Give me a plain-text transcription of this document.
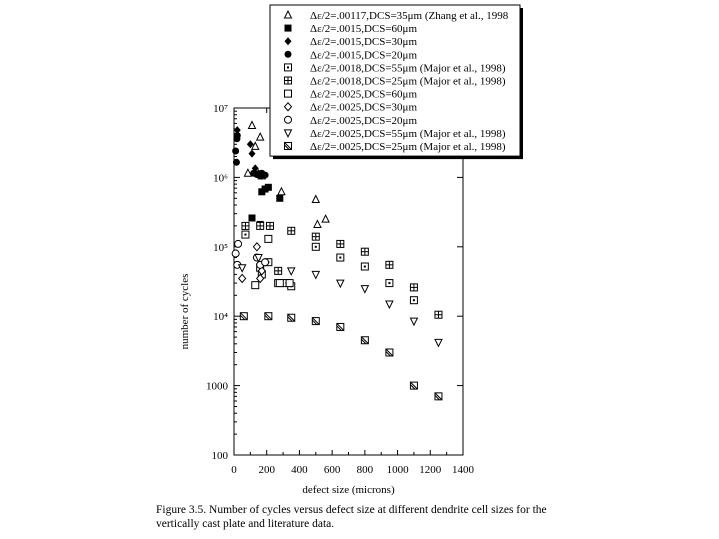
0 200 400 600 800 1000 1200 1400
100
1000
10⁴
10⁵
10⁶
10⁷
defect size (microns)
number of cycles
Δε/2=.00117,DCS=35μm (Zhang et al., 1998
Δε/2=.0015,DCS=60μm
Δε/2=.0015,DCS=30μm
Δε/2=.0015,DCS=20μm
Δε/2=.0018,DCS=55μm (Major et al., 1998)
Δε/2=.0018,DCS=25μm (Major et al., 1998)
Δε/2=.0025,DCS=60μm
Δε/2=.0025,DCS=30μm
Δε/2=.0025,DCS=20μm
Δε/2=.0025,DCS=55μm (Major et al., 1998)
Δε/2=.0025,DCS=25μm (Major et al., 1998)
Figure 3.5. Number of cycles versus defect size at different dendrite cell sizes for the
vertically cast plate and literature data.
